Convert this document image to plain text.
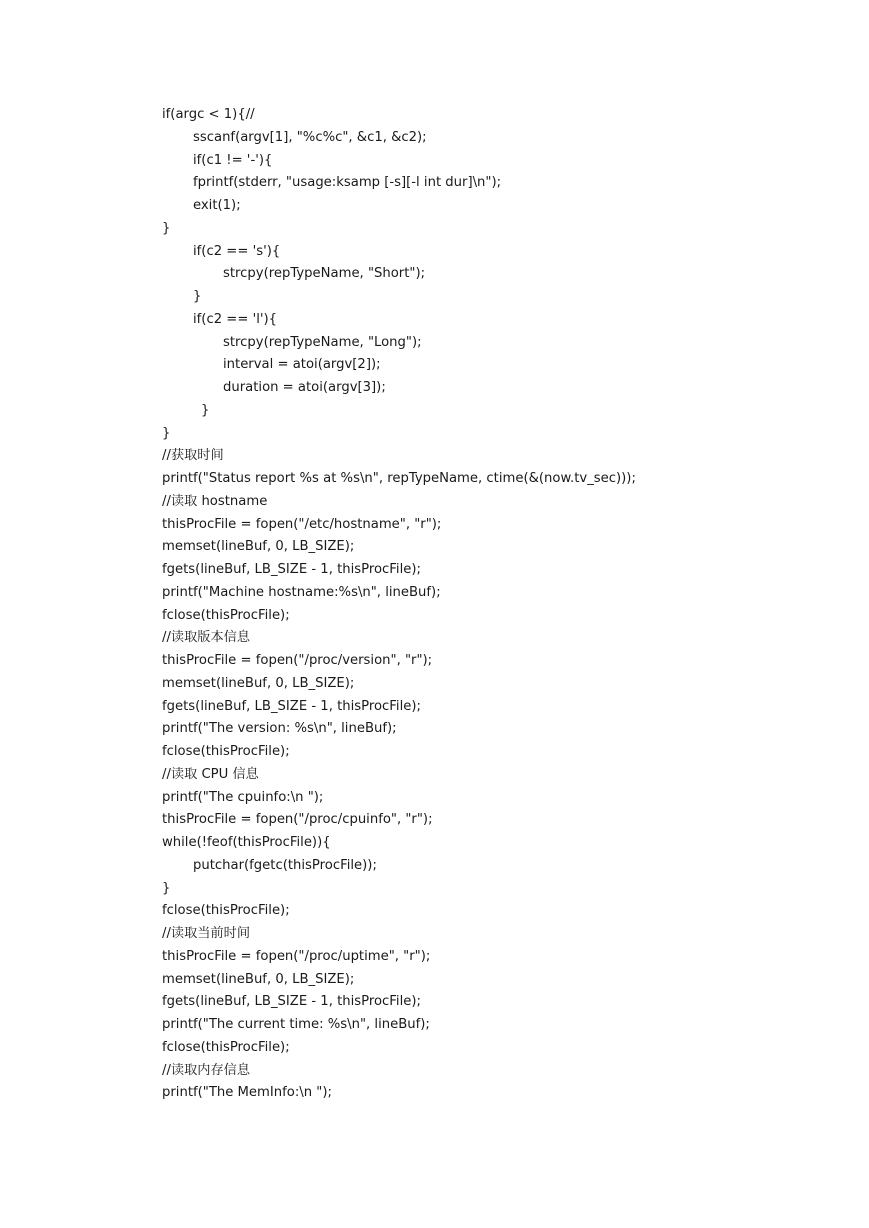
if(argc < 1){//
sscanf(argv[1], "%c%c", &c1, &c2);
if(c1 != '-'){
fprintf(stderr, "usage:ksamp [-s][-l int dur]\n");
exit(1);
}
if(c2 == 's'){
strcpy(repTypeName, "Short");
}
if(c2 == 'l'){
strcpy(repTypeName, "Long");
interval = atoi(argv[2]);
duration = atoi(argv[3]);
}
}
//获取时间
printf("Status report %s at %s\n", repTypeName, ctime(&(now.tv_sec)));
//读取 hostname
thisProcFile = fopen("/etc/hostname", "r");
memset(lineBuf, 0, LB_SIZE);
fgets(lineBuf, LB_SIZE - 1, thisProcFile);
printf("Machine hostname:%s\n", lineBuf);
fclose(thisProcFile);
//读取版本信息
thisProcFile = fopen("/proc/version", "r");
memset(lineBuf, 0, LB_SIZE);
fgets(lineBuf, LB_SIZE - 1, thisProcFile);
printf("The version: %s\n", lineBuf);
fclose(thisProcFile);
//读取 CPU 信息
printf("The cpuinfo:\n ");
thisProcFile = fopen("/proc/cpuinfo", "r");
while(!feof(thisProcFile)){
putchar(fgetc(thisProcFile));
}
fclose(thisProcFile);
//读取当前时间
thisProcFile = fopen("/proc/uptime", "r");
memset(lineBuf, 0, LB_SIZE);
fgets(lineBuf, LB_SIZE - 1, thisProcFile);
printf("The current time: %s\n", lineBuf);
fclose(thisProcFile);
//读取内存信息
printf("The MemInfo:\n ");
